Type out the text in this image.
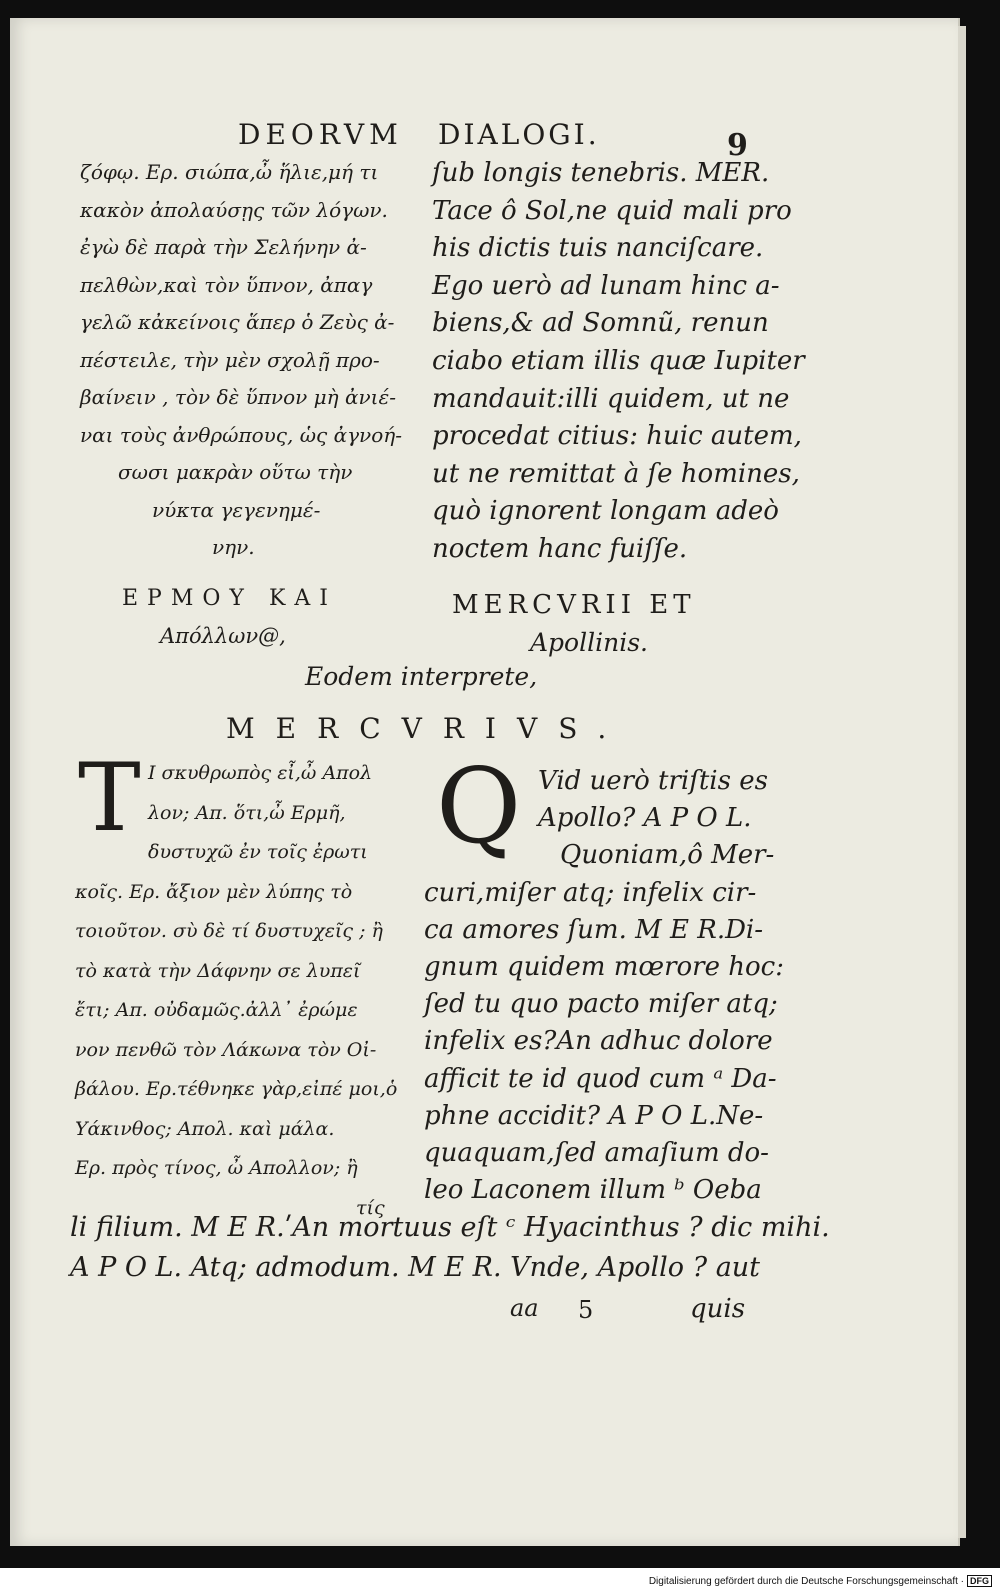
DEORVM DIALOGI.	9
ζόφῳ. Ερ. σιώπα,ὦ ἥλιε,μή τι
κακὸν ἀπολαύσῃς τῶν λόγων.
ἐγὼ δὲ παρὰ τὴν Σελήνην ἀ-
πελθὼν,καὶ τὸν ὕπνον, ἀπαγ
γελῶ κἀκείνοις ἅπερ ὁ Ζεὺς ἀ-
πέστειλε, τὴν μὲν σχολῇ προ-
βαίνειν , τὸν δὲ ὕπνον μὴ ἀνιέ-
ναι τοὺς ἀνθρώπους, ὡς ἀγνοή-
σωσι μακρὰν οὕτω τὴν
νύκτα γεγενημέ-
νην.
ſub longis tenebris. MER.
Tace ô Sol,ne quid mali pro
his dictis tuis nanciſcare.
Ego uerò ad lunam hinc a-
biens,& ad Somnũ, renun
ciabo etiam illis quæ Iupiter
mandauit:illi quidem, ut ne
procedat citius: huic autem,
ut ne remittat à ſe homines,
quò ignorent longam adeò
noctem hanc fuiſſe.
ΕΡΜΟΥ ΚΑΙ
Απόλλων@,
MERCVRII ET
Apollinis.
Eodem interprete,
MERCVRIVS.
T	Q
Ι σκυθρωπὸς εἶ,ὦ Απολ
λον; Απ. ὅτι,ὦ Ερμῆ,
δυστυχῶ ἐν τοῖς ἐρωτι
κοῖς. Ερ. ἄξιον μὲν λύπης τὸ
τοιοῦτον. σὺ δὲ τί δυστυχεῖς ; ἢ
τὸ κατὰ τὴν Δάφνην σε λυπεῖ
ἔτι; Απ. οὐδαμῶς.ἀλλ᾿ ἐρώμε
νον πενθῶ τὸν Λάκωνα τὸν Οἰ-
βάλου. Ερ.τέθνηκε γὰρ,εἰπέ μοι,ὁ
Υάκινθος; Απολ. καὶ μάλα.
Ερ. πρὸς τίνος, ὦ Απολλον; ἢ
τίς
Vid uerò triſtis es
Apollo? A P O L.
Quoniam,ô Mer-
curi,miſer atq; infelix cir-
ca amores ſum. M E R.Di-
gnum quidem mœrore hoc:
ſed tu quo pacto miſer atq;
infelix es?An adhuc dolore
afficit te id quod cum ᵃ Da-
phne accidit? A P O L.Ne-
quaquam,ſed amaſium do-
leo Laconem illum ᵇ Oeba
li filium. M E R.ʹAn mortuus eſt ᶜ Hyacinthus ? dic mihi.
A P O L. Atq; admodum. M E R. Vnde, Apollo ? aut
aa 5	quis
Digitalisierung gefördert durch die Deutsche Forschungsgemeinschaft · DFG
